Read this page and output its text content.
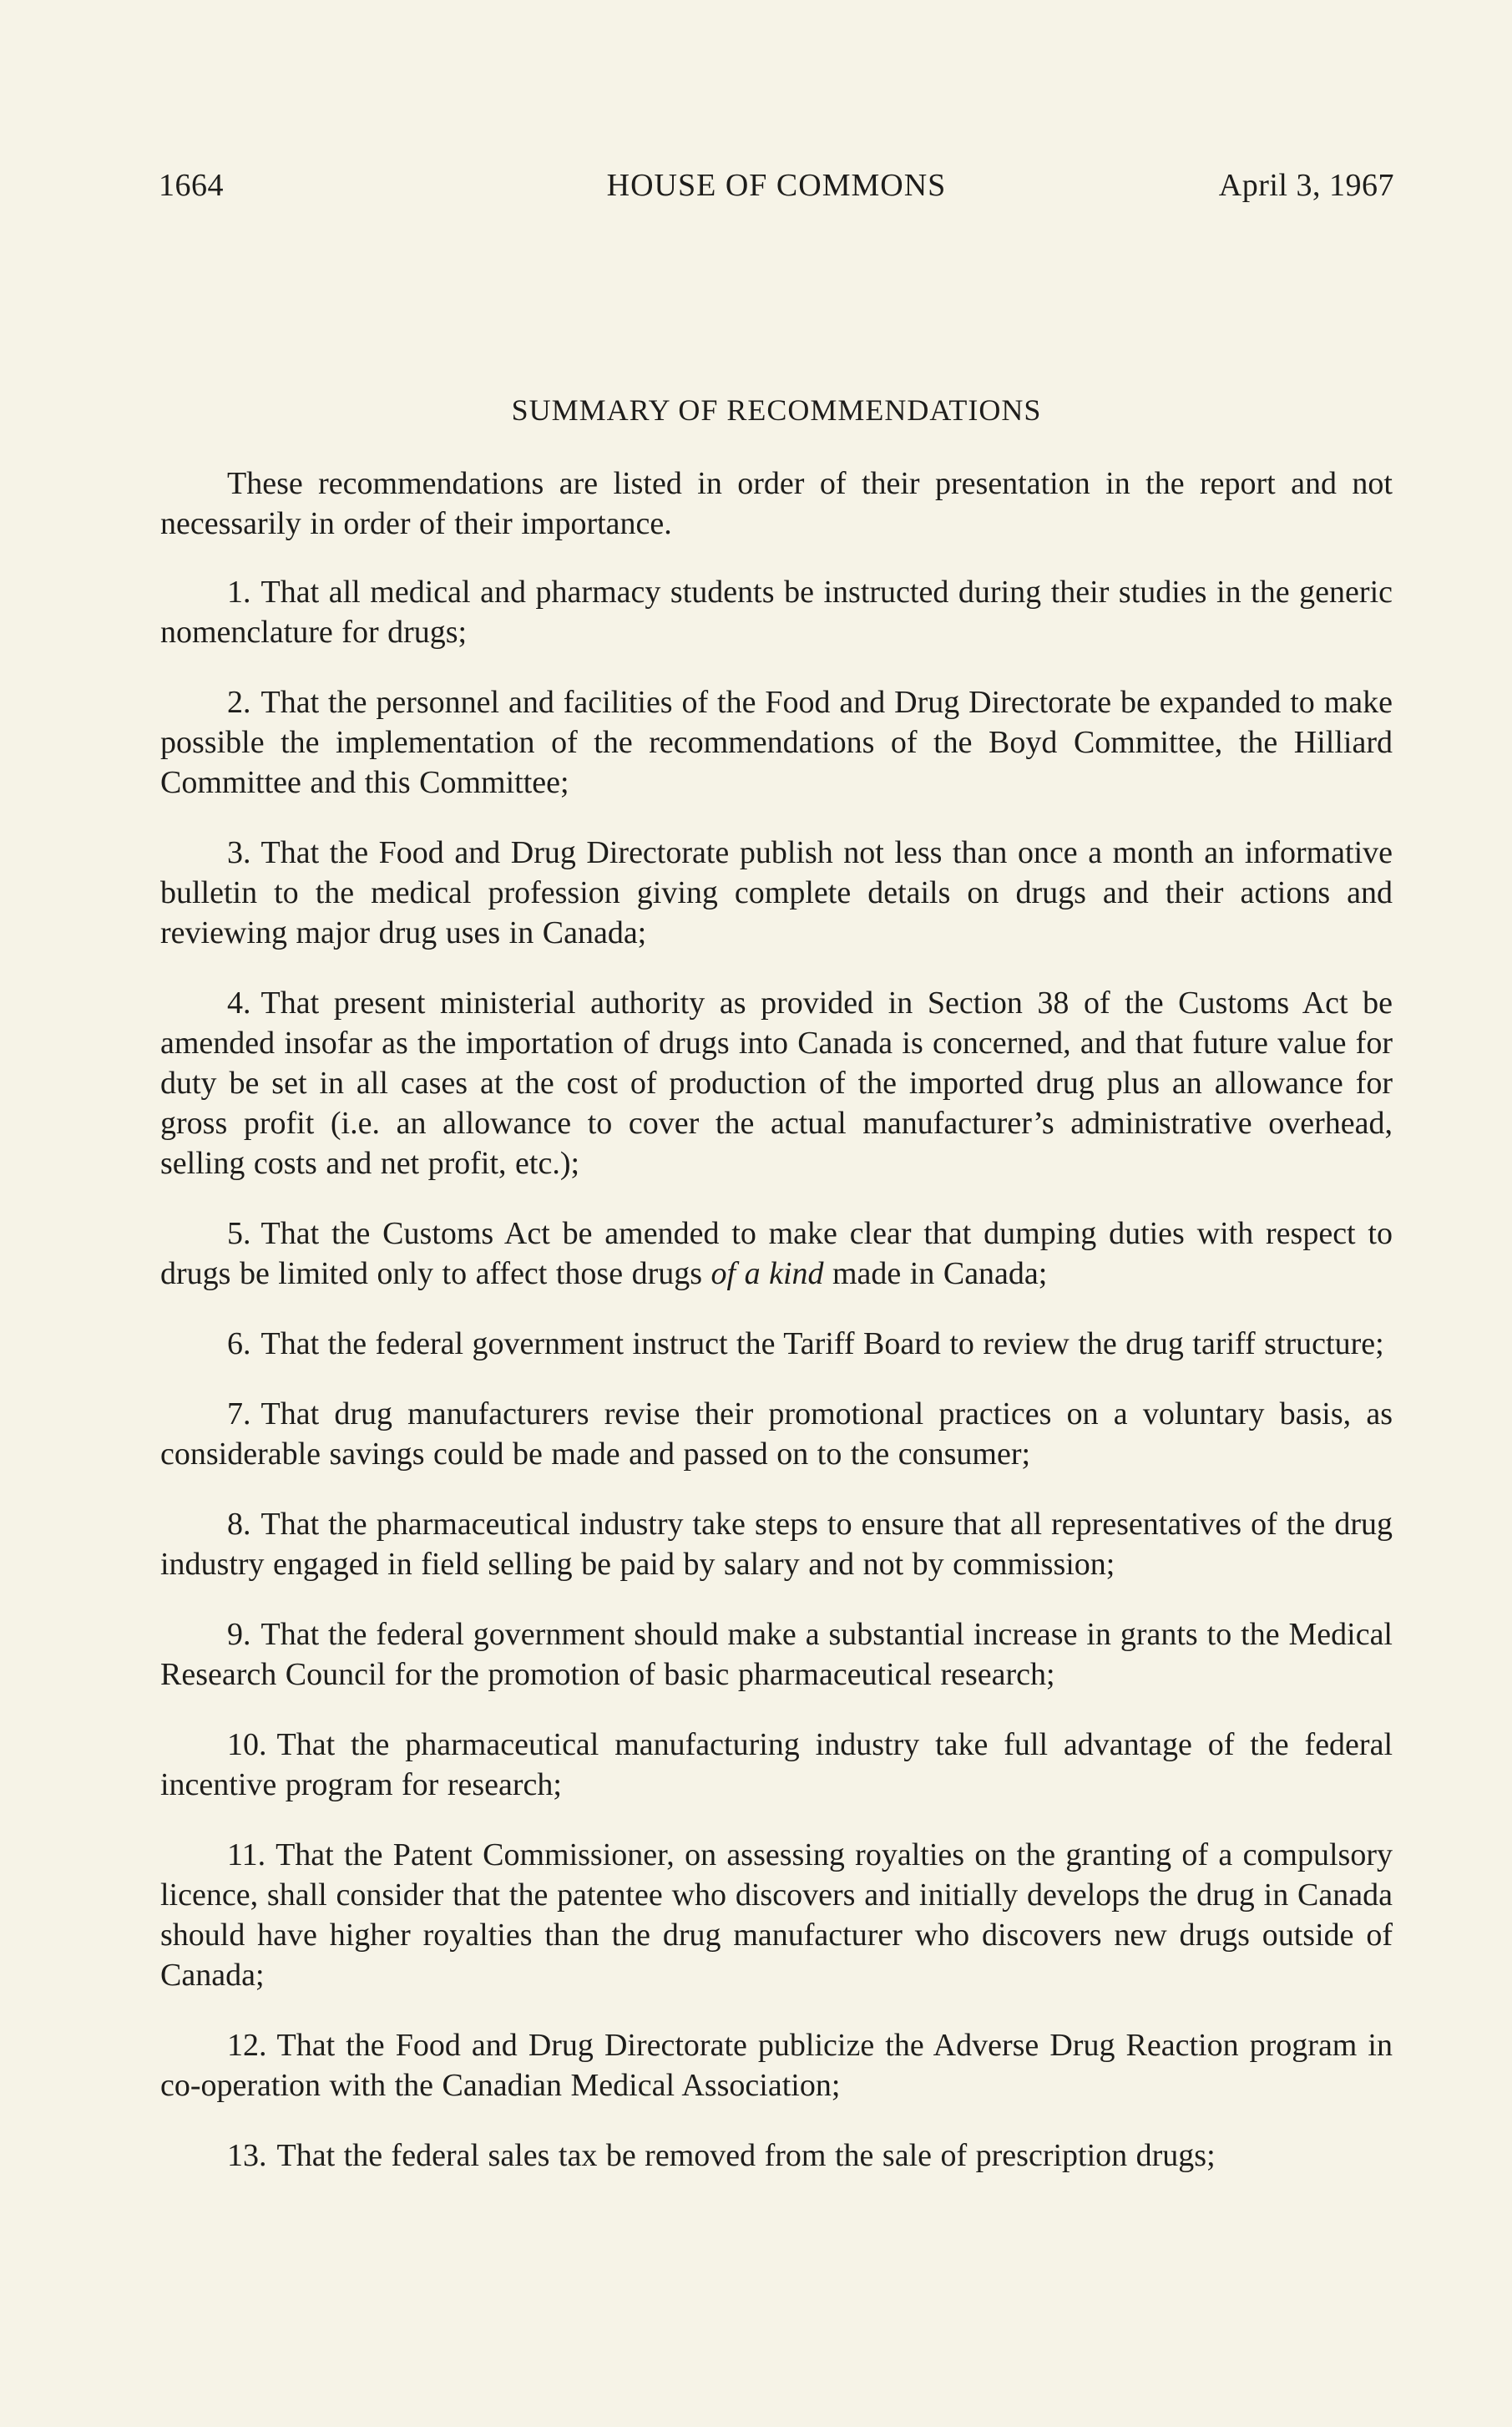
1664	HOUSE OF COMMONS	April 3, 1967
SUMMARY OF RECOMMENDATIONS

These recommendations are listed in order of their presentation in the report and not necessarily in order of their importance.

1. That all medical and pharmacy students be instructed during their studies in the generic nomenclature for drugs;

2. That the personnel and facilities of the Food and Drug Directorate be expanded to make possible the implementation of the recommendations of the Boyd Committee, the Hilliard Committee and this Committee;

3. That the Food and Drug Directorate publish not less than once a month an informative bulletin to the medical profession giving complete details on drugs and their actions and reviewing major drug uses in Canada;

4. That present ministerial authority as provided in Section 38 of the Customs Act be amended insofar as the importation of drugs into Canada is concerned, and that future value for duty be set in all cases at the cost of production of the imported drug plus an allowance for gross profit (i.e. an allowance to cover the actual manufacturer’s administrative overhead, selling costs and net profit, etc.);

5. That the Customs Act be amended to make clear that dumping duties with respect to drugs be limited only to affect those drugs of a kind made in Canada;

6. That the federal government instruct the Tariff Board to review the drug tariff structure;

7. That drug manufacturers revise their promotional practices on a voluntary basis, as considerable savings could be made and passed on to the consumer;

8. That the pharmaceutical industry take steps to ensure that all representatives of the drug industry engaged in field selling be paid by salary and not by commission;

9. That the federal government should make a substantial increase in grants to the Medical Research Council for the promotion of basic pharmaceutical research;

10. That the pharmaceutical manufacturing industry take full advantage of the federal incentive program for research;

11. That the Patent Commissioner, on assessing royalties on the granting of a compulsory licence, shall consider that the patentee who discovers and initially develops the drug in Canada should have higher royalties than the drug manufacturer who discovers new drugs outside of Canada;

12. That the Food and Drug Directorate publicize the Adverse Drug Reaction program in co-operation with the Canadian Medical Association;

13. That the federal sales tax be removed from the sale of prescription drugs;
